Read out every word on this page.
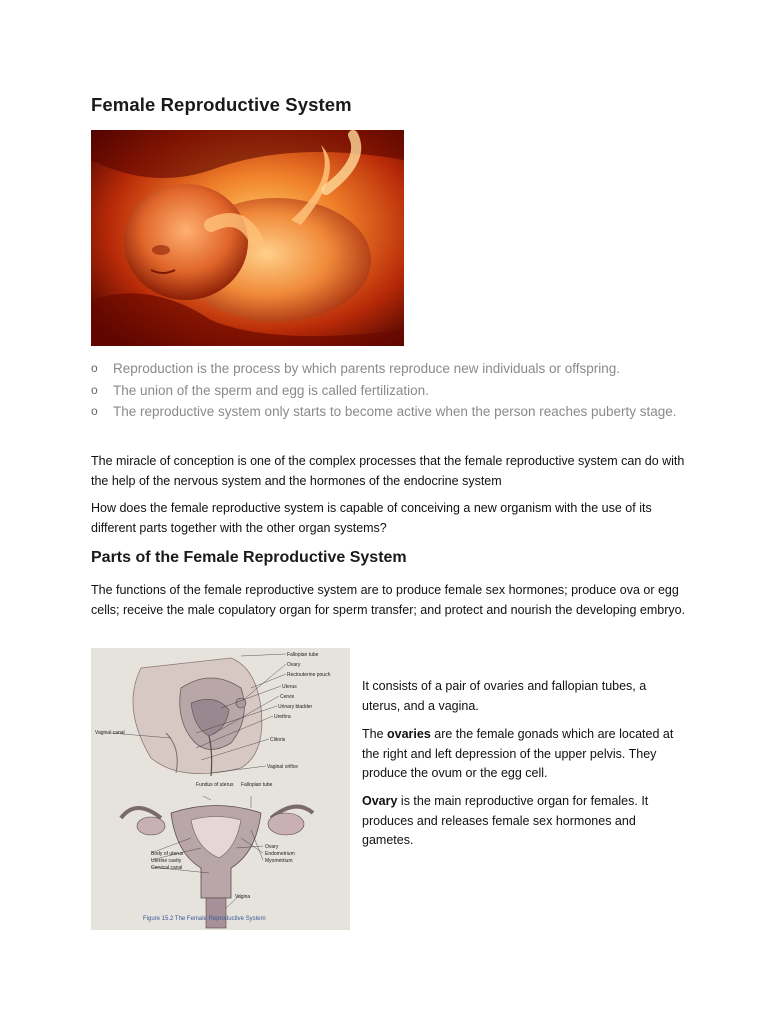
Female Reproductive System
o Reproduction is the process by which parents reproduce new individuals or offspring.
o The union of the sperm and egg is called fertilization.
o The reproductive system only starts to become active when the person reaches puberty stage.

The miracle of conception is one of the complex processes that the female reproductive system can do with the help of the nervous system and the hormones of the endocrine system

How does the female reproductive system is capable of conceiving a new organism with the use of its different parts together with the other organ systems?

Parts of the Female Reproductive System

The functions of the female reproductive system are to produce female sex hormones; produce ova or egg cells; receive the male copulatory organ for sperm transfer; and protect and nourish the developing embryo.

Fallopian tube
Ovary
Rectouterine pouch
Uterus
Cervix
Urinary bladder
Urethra
Clitoris
Vaginal orifice
Vaginal canal
Fundus of uterus Fallopian tube
Body of uterus
Uterine cavity
Cervical canal
Ovary
Endometrium
Myometrium
Vagina
Figure 15.2 The Female Reproductive System

It consists of a pair of ovaries and fallopian tubes, a uterus, and a vagina.

The ovaries are the female gonads which are located at the right and left depression of the upper pelvis. They produce the ovum or the egg cell.

Ovary is the main reproductive organ for females. It produces and releases female sex hormones and gametes.
